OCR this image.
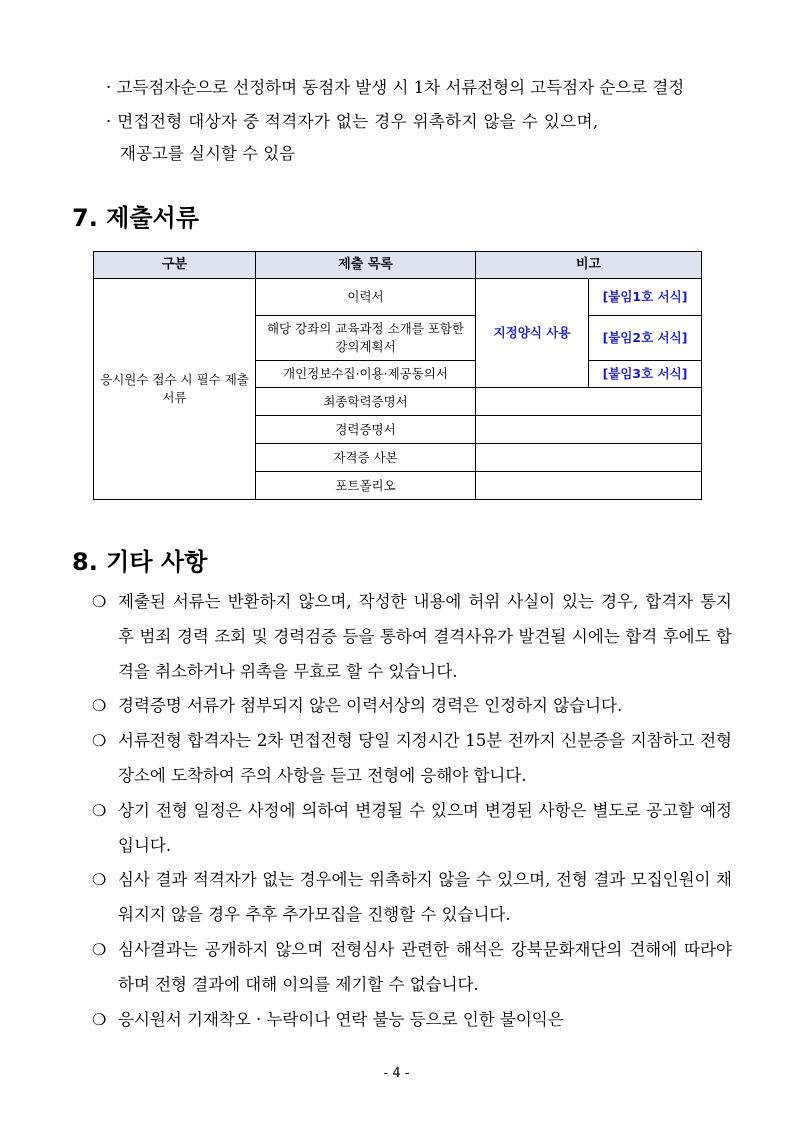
· 고득점자순으로 선정하며 동점자 발생 시 1차 서류전형의 고득점자 순으로 결정
· 면접전형 대상자 중 적격자가 없는 경우 위촉하지 않을 수 있으며,
재공고를 실시할 수 있음
7. 제출서류
구분	제출 목록	비고	
응시원수 접수 시 필수 제출 서류	이력서	지정양식 사용	[붙임1호 서식]
	해당 강좌의 교육과정 소개를 포함한 강의계획서		[붙임2호 서식]
	개인정보수집·이용·제공동의서		[붙임3호 서식]
	최종학력증명서		
	경력증명서		
	자격증 사본		
	포트폴리오		
8. 기타 사항
❍ 제출된 서류는 반환하지 않으며, 작성한 내용에 허위 사실이 있는 경우, 합격자 통지 후 범죄 경력 조회 및 경력검증 등을 통하여 결격사유가 발견될 시에는 합격 후에도 합격을 취소하거나 위촉을 무효로 할 수 있습니다.
❍ 경력증명 서류가 첨부되지 않은 이력서상의 경력은 인정하지 않습니다.
❍ 서류전형 합격자는 2차 면접전형 당일 지정시간 15분 전까지 신분증을 지참하고 전형 장소에 도착하여 주의 사항을 듣고 전형에 응해야 합니다.
❍ 상기 전형 일정은 사정에 의하여 변경될 수 있으며 변경된 사항은 별도로 공고할 예정입니다.
❍ 심사 결과 적격자가 없는 경우에는 위촉하지 않을 수 있으며, 전형 결과 모집인원이 채워지지 않을 경우 추후 추가모집을 진행할 수 있습니다.
❍ 심사결과는 공개하지 않으며 전형심사 관련한 해석은 강북문화재단의 견해에 따라야 하며 전형 결과에 대해 이의를 제기할 수 없습니다.
❍ 응시원서 기재착오 · 누락이나 연락 불능 등으로 인한 불이익은
- 4 -
